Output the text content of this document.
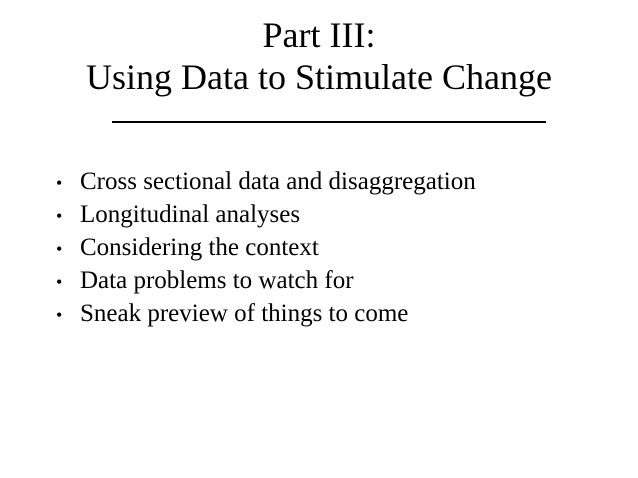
Part III:
Using Data to Stimulate Change
• Cross sectional data and disaggregation
• Longitudinal analyses
• Considering the context
• Data problems to watch for
• Sneak preview of things to come
